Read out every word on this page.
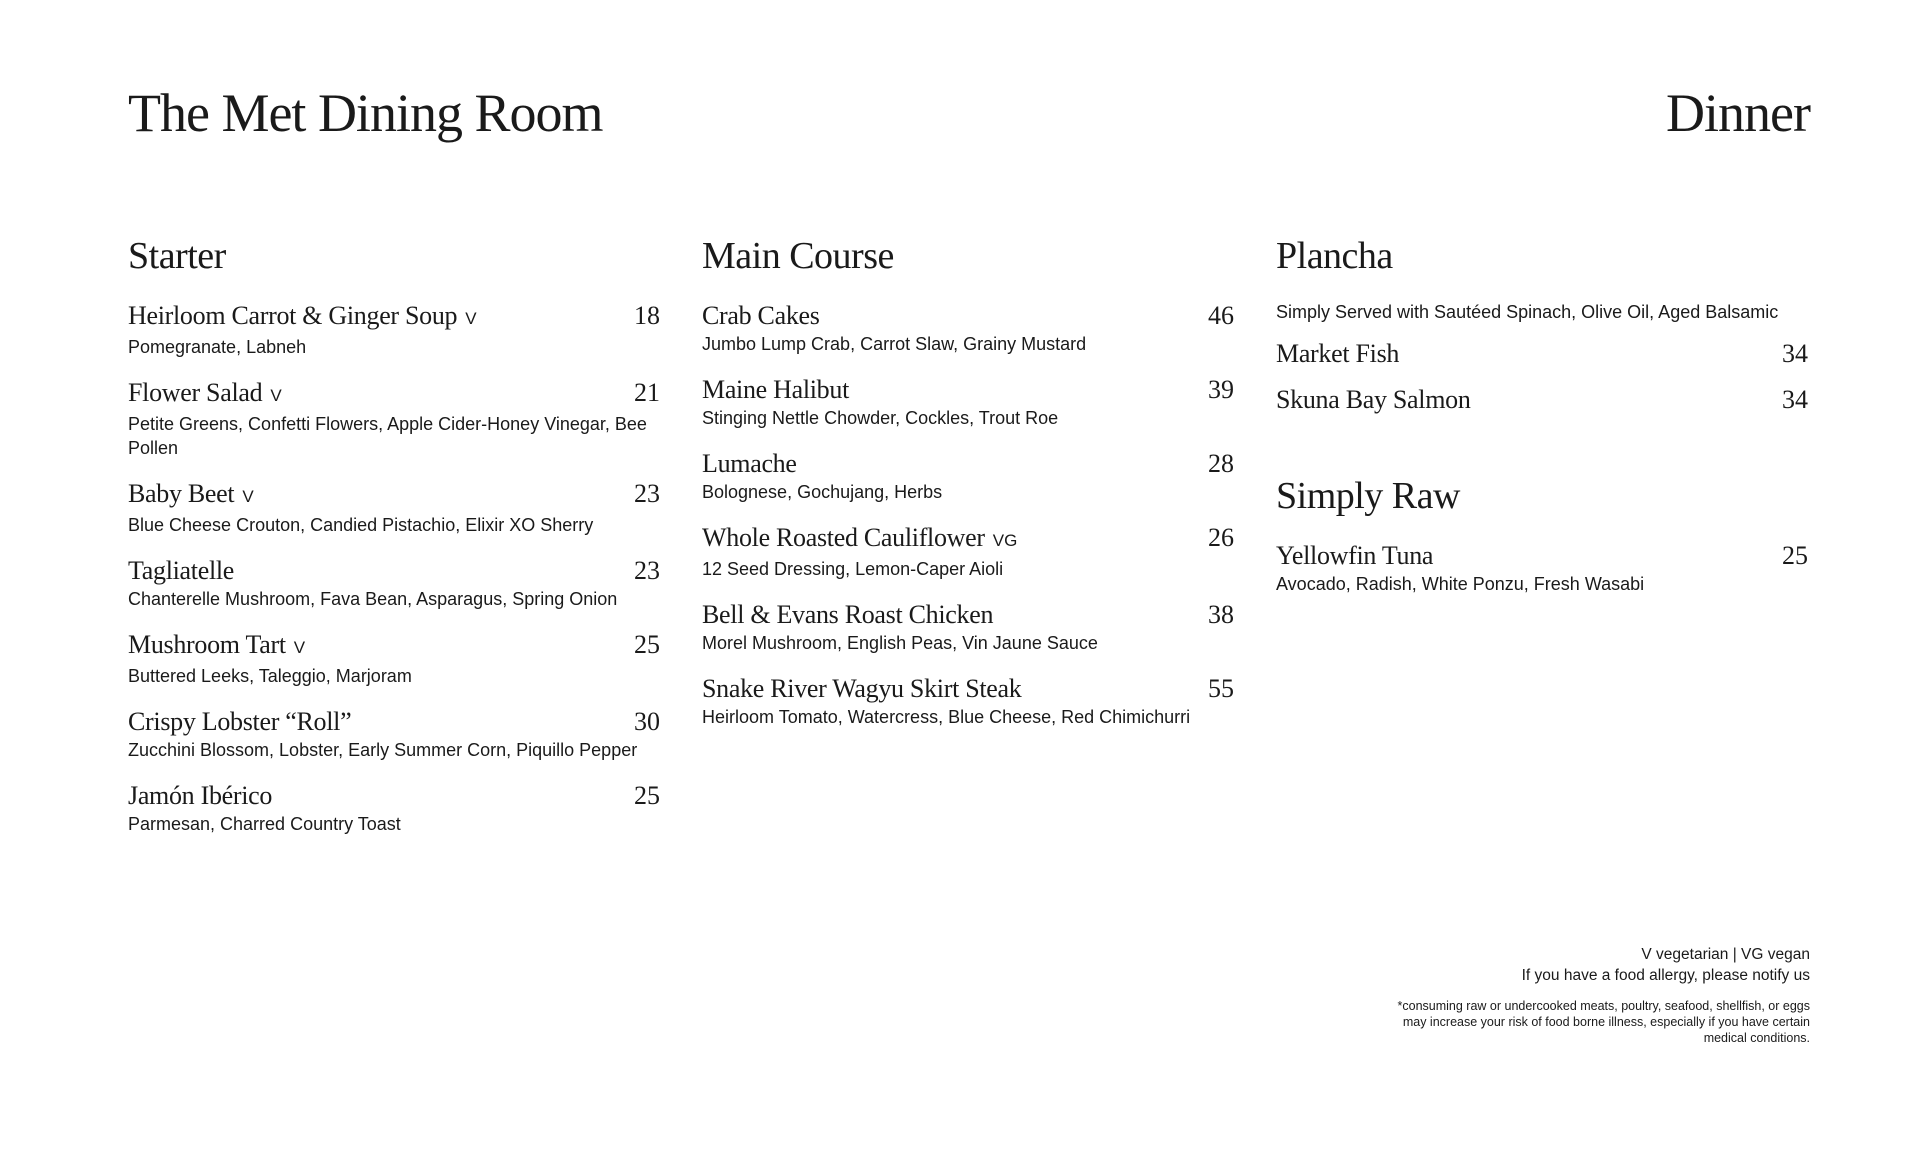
The Met Dining Room	Dinner
Starter
Heirloom Carrot & Ginger Soup V	18
Pomegranate, Labneh
Flower Salad V	21
Petite Greens, Confetti Flowers, Apple Cider-Honey Vinegar, Bee Pollen
Baby Beet V	23
Blue Cheese Crouton, Candied Pistachio, Elixir XO Sherry
Tagliatelle	23
Chanterelle Mushroom, Fava Bean, Asparagus, Spring Onion
Mushroom Tart V	25
Buttered Leeks, Taleggio, Marjoram
Crispy Lobster “Roll”	30
Zucchini Blossom, Lobster, Early Summer Corn, Piquillo Pepper
Jamón Ibérico	25
Parmesan, Charred Country Toast
Main Course
Crab Cakes	46
Jumbo Lump Crab, Carrot Slaw, Grainy Mustard
Maine Halibut	39
Stinging Nettle Chowder, Cockles, Trout Roe
Lumache	28
Bolognese, Gochujang, Herbs
Whole Roasted Cauliflower VG	26
12 Seed Dressing, Lemon-Caper Aioli
Bell & Evans Roast Chicken	38
Morel Mushroom, English Peas, Vin Jaune Sauce
Snake River Wagyu Skirt Steak	55
Heirloom Tomato, Watercress, Blue Cheese, Red Chimichurri
Plancha
Simply Served with Sautéed Spinach, Olive Oil, Aged Balsamic
Market Fish	34
Skuna Bay Salmon	34
Simply Raw
Yellowfin Tuna	25
Avocado, Radish, White Ponzu, Fresh Wasabi
V vegetarian | VG vegan
If you have a food allergy, please notify us
*consuming raw or undercooked meats, poultry, seafood, shellfish, or eggs
may increase your risk of food borne illness, especially if you have certain
medical conditions.
